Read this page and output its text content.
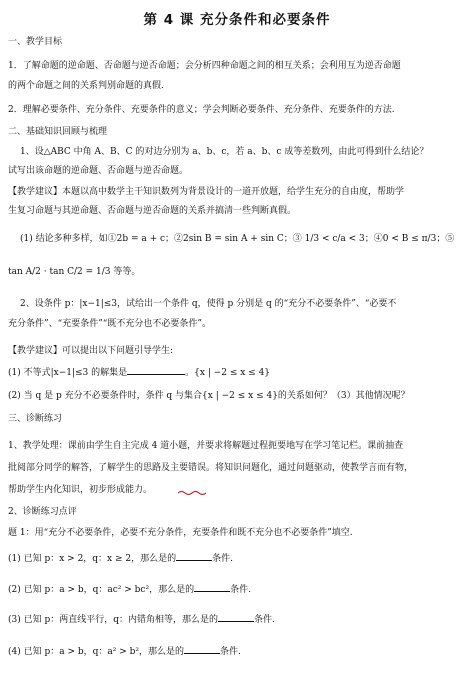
第 4 课 充分条件和必要条件
一、教学目标
1．了解命题的逆命题、否命题与逆否命题；会分析四种命题之间的相互关系；会利用互为逆否命题
的两个命题之间的关系判别命题的真假.
2．理解必要条件、充分条件、充要条件的意义；学会判断必要条件、充分条件、充要条件的方法.
二、基础知识回顾与梳理
1、设△ABC 中角 A、B、C 的对边分别为 a、b、c，若 a、b、c 成等差数列，由此可得到什么结论？
试写出该命题的逆命题、否命题与逆否命题。
【教学建议】本题以高中数学主干知识数列为背景设计的一道开放题，给学生充分的自由度，帮助学
生复习命题与其逆命题、否命题与逆否命题的关系并搞清一些判断真假。
(1) 结论多种多样，如①2b = a + c；②2sin B = sin A + sin C；③ 1/3 < c/a < 3；④0 < B ≤ π/3；⑤
tan A/2 · tan C/2 = 1/3 等等。
2、设条件 p：|x−1|≤3，试给出一个条件 q，使得 p 分别是 q 的“充分不必要条件”、“必要不
充分条件”、“充要条件”“既不充分也不必要条件”。
【教学建议】可以提出以下问题引导学生:
(1) 不等式|x−1|≤3 的解集是	。{x | −2 ≤ x ≤ 4}
(2) 当 q 是 p 充分不必要条件时，条件 q 与集合{x | −2 ≤ x ≤ 4}的关系如何？（3）其他情况呢？
三、诊断练习
1、教学处理：课前由学生自主完成 4 道小题，并要求将解题过程扼要地写在学习笔记栏。课前抽查
批阅部分同学的解答，了解学生的思路及主要错误。将知识问题化，通过问题驱动，使教学言而有物，
帮助学生内化知识，初步形成能力。
2、诊断练习点评
题 1：用“充分不必要条件，必要不充分条件，充要条件和既不充分也不必要条件”填空.
(1) 已知 p：x > 2，q：x ≥ 2，那么是的	条件.
(2) 已知 p：a > b，q：ac² > bc²，那么是的	条件.
(3) 已知 p：两直线平行，q：内错角相等，那么是的	条件.
(4) 已知 p：a > b，q：a² > b²，那么是的	条件.
